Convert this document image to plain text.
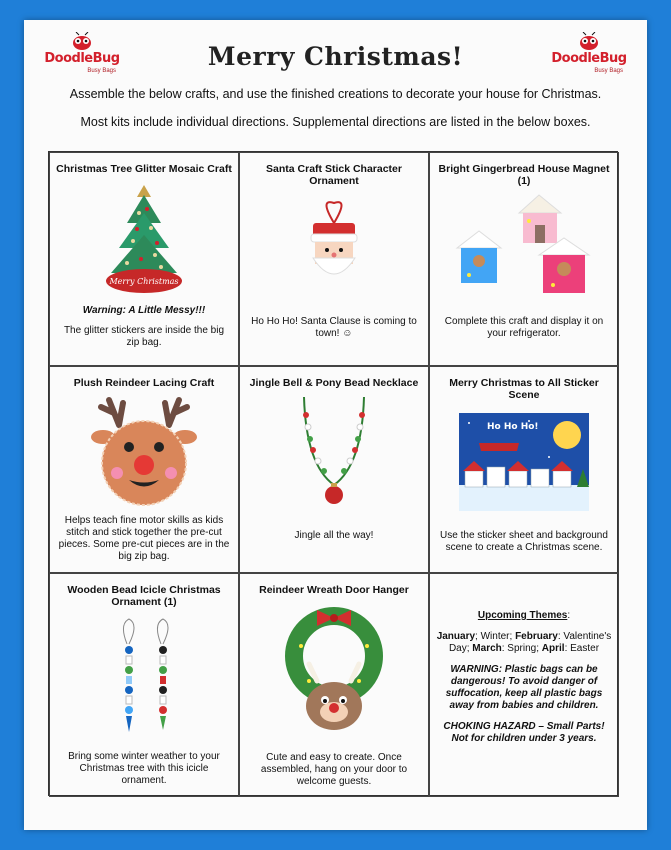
DoodleBug
Busy Bags
DoodleBug
Busy Bags
Merry Christmas!
Assemble the below crafts, and use the finished creations to decorate your house for Christmas.
Most kits include individual directions. Supplemental directions are listed in the below boxes.
Christmas Tree Glitter Mosaic Craft
Merry Christmas
Warning: A Little Messy!!!
The glitter stickers are inside the big zip bag.
Santa Craft Stick Character Ornament
Ho Ho Ho! Santa Clause is coming to town! ☺
Bright Gingerbread House Magnet (1)
Complete this craft and display it on your refrigerator.
Plush Reindeer Lacing Craft
Helps teach fine motor skills as kids stitch and stick together the pre-cut pieces. Some pre-cut pieces are in the big zip bag.
Jingle Bell & Pony Bead Necklace
Jingle all the way!
Merry Christmas to All Sticker Scene
Ho Ho Ho!
Use the sticker sheet and background scene to create a Christmas scene.
Wooden Bead Icicle Christmas Ornament (1)
Bring some winter weather to your Christmas tree with this icicle ornament.
Reindeer Wreath Door Hanger
Cute and easy to create. Once assembled, hang on your door to welcome guests.

Upcoming Themes:

January; Winter; February: Valentine's Day; March: Spring; April: Easter

WARNING: Plastic bags can be dangerous! To avoid danger of suffocation, keep all plastic bags away from babies and children.

CHOKING HAZARD – Small Parts! Not for children under 3 years.
